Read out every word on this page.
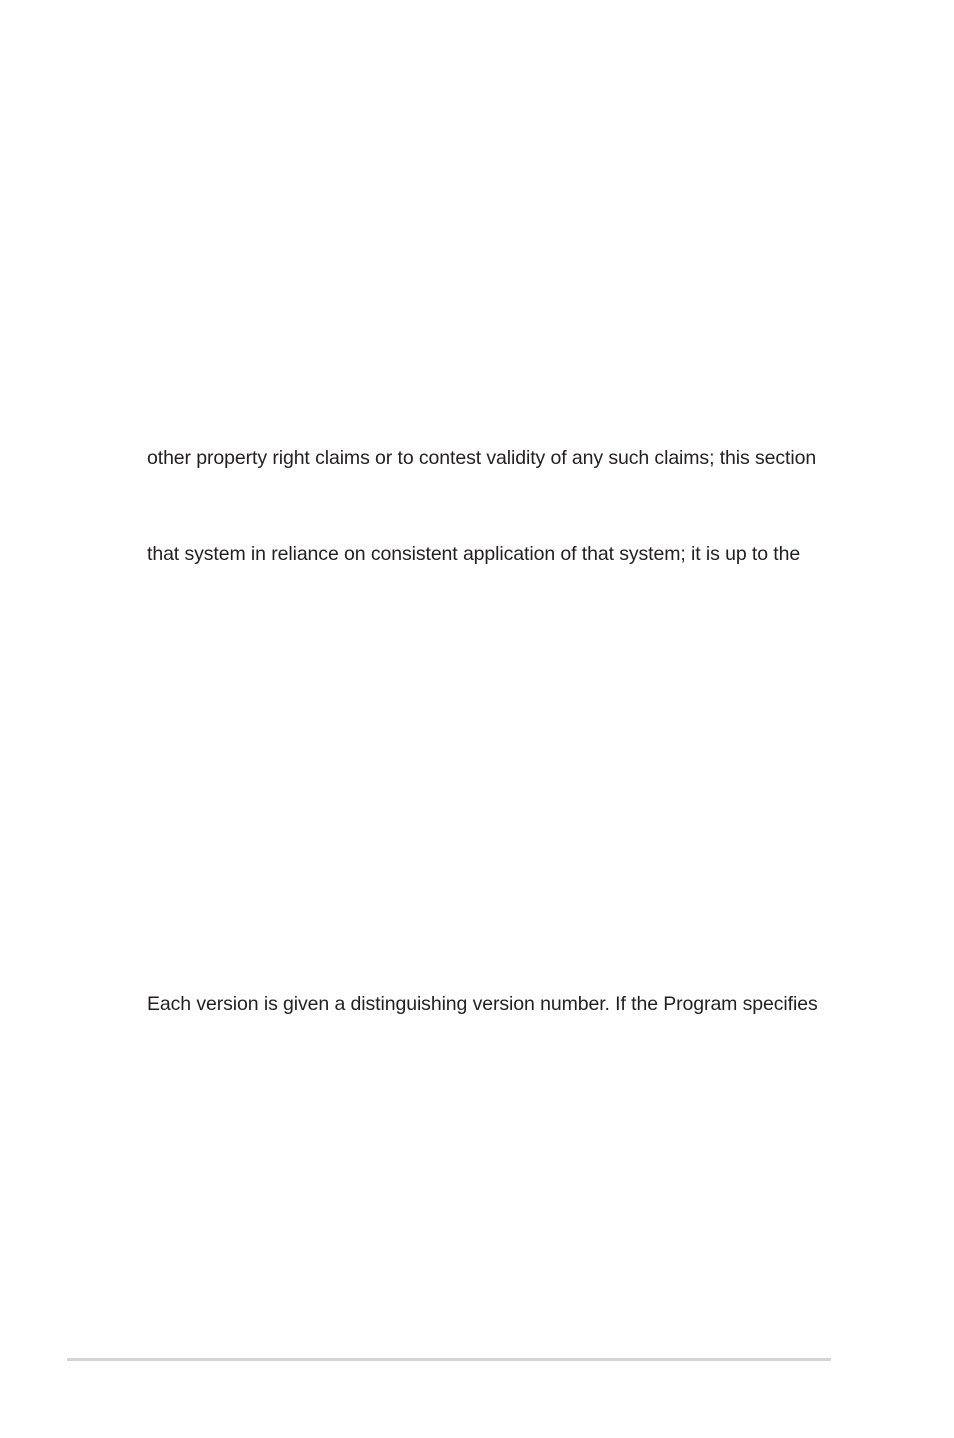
other property right claims or to contest validity of any such claims; this section
that system in reliance on consistent application of that system; it is up to the
Each version is given a distinguishing version number. If the Program specifies
